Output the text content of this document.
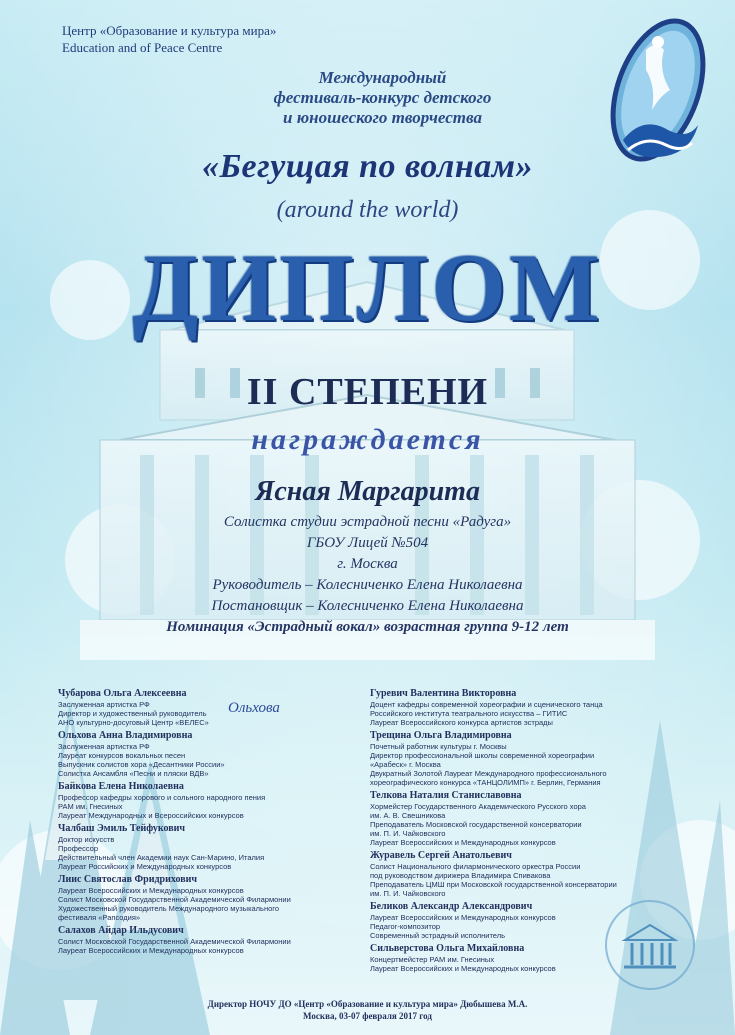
Центр «Образование и культура мира»
Education and of Peace Centre
Международный
фестиваль-конкурс детского
и юношеского творчества
«Бегущая по волнам»
(around the world)
ДИПЛОМ
II СТЕПЕНИ
награждается
Ясная Маргарита
Солистка студии эстрадной песни «Радуга»
ГБОУ Лицей №504
г. Москва
Руководитель – Колесниченко Елена Николаевна
Постановщик – Колесниченко Елена Николаевна
Номинация «Эстрадный вокал» возрастная группа 9-12 лет
Чубарова Ольга Алексеевна
Заслуженная артистка РФ
Директор и художественный руководитель
АНО культурно-досуговый Центр «ВЕЛЕС»
Ольхова Анна Владимировна
Заслуженная артистка РФ
Лауреат конкурсов вокальных песен
Выпускник солистов хора «Десантники России»
Солистка Ансамбля «Песни и пляски ВДВ»
Байкова Елена Николаевна
Профессор кафедры хорового и сольного народного пения
РАМ им. Гнесиных
Лауреат Международных и Всероссийских конкурсов
Чалбаш Эмиль Тейфукович
Доктор искусств
Профессор
Действительный член Академии наук Сан-Марино, Италия
Лауреат Российских и Международных конкурсов
Лиис Святослав Фридрихович
Лауреат Всероссийских и Международных конкурсов
Солист Московской Государственной Академической Филармонии
Художественный руководитель Международного музыкального
фестиваля «Рапсодия»
Салахов Айдар Ильдусович
Солист Московской Государственной Академической Филармонии
Лауреат Всероссийских и Международных конкурсов
Гуревич Валентина Викторовна
Доцент кафедры современной хореографии и сценического танца
Российского института театрального искусства – ГИТИС
Лауреат Всероссийского конкурса артистов эстрады
Трещина Ольга Владимировна
Почетный работник культуры г. Москвы
Директор профессиональной школы современной хореографии
«Арабеск» г. Москва
Двукратный Золотой Лауреат Международного профессионального
хореографического конкурса «ТАНЦОЛИМП» г. Берлин, Германия
Телкова Наталия Станиславовна
Хормейстер Государственного Академического Русского хора
им. А. В. Свешникова
Преподаватель Московской государственной консерватории
им. П. И. Чайковского
Лауреат Всероссийских и Международных конкурсов
Журавель Сергей Анатольевич
Солист Национального филармонического оркестра России
под руководством дирижера Владимира Спивакова
Преподаватель ЦМШ при Московской государственной консерватории
им. П. И. Чайковского
Беликов Александр Александрович
Лауреат Всероссийских и Международных конкурсов
Педагог-композитор
Современный эстрадный исполнитель
Сильверстова Ольга Михайловна
Концертмейстер РАМ им. Гнесиных
Лауреат Всероссийских и Международных конкурсов
Ольхова
Директор НОЧУ ДО «Центр «Образование и культура мира» Дюбышева М.А.
Москва, 03-07 февраля 2017 год
